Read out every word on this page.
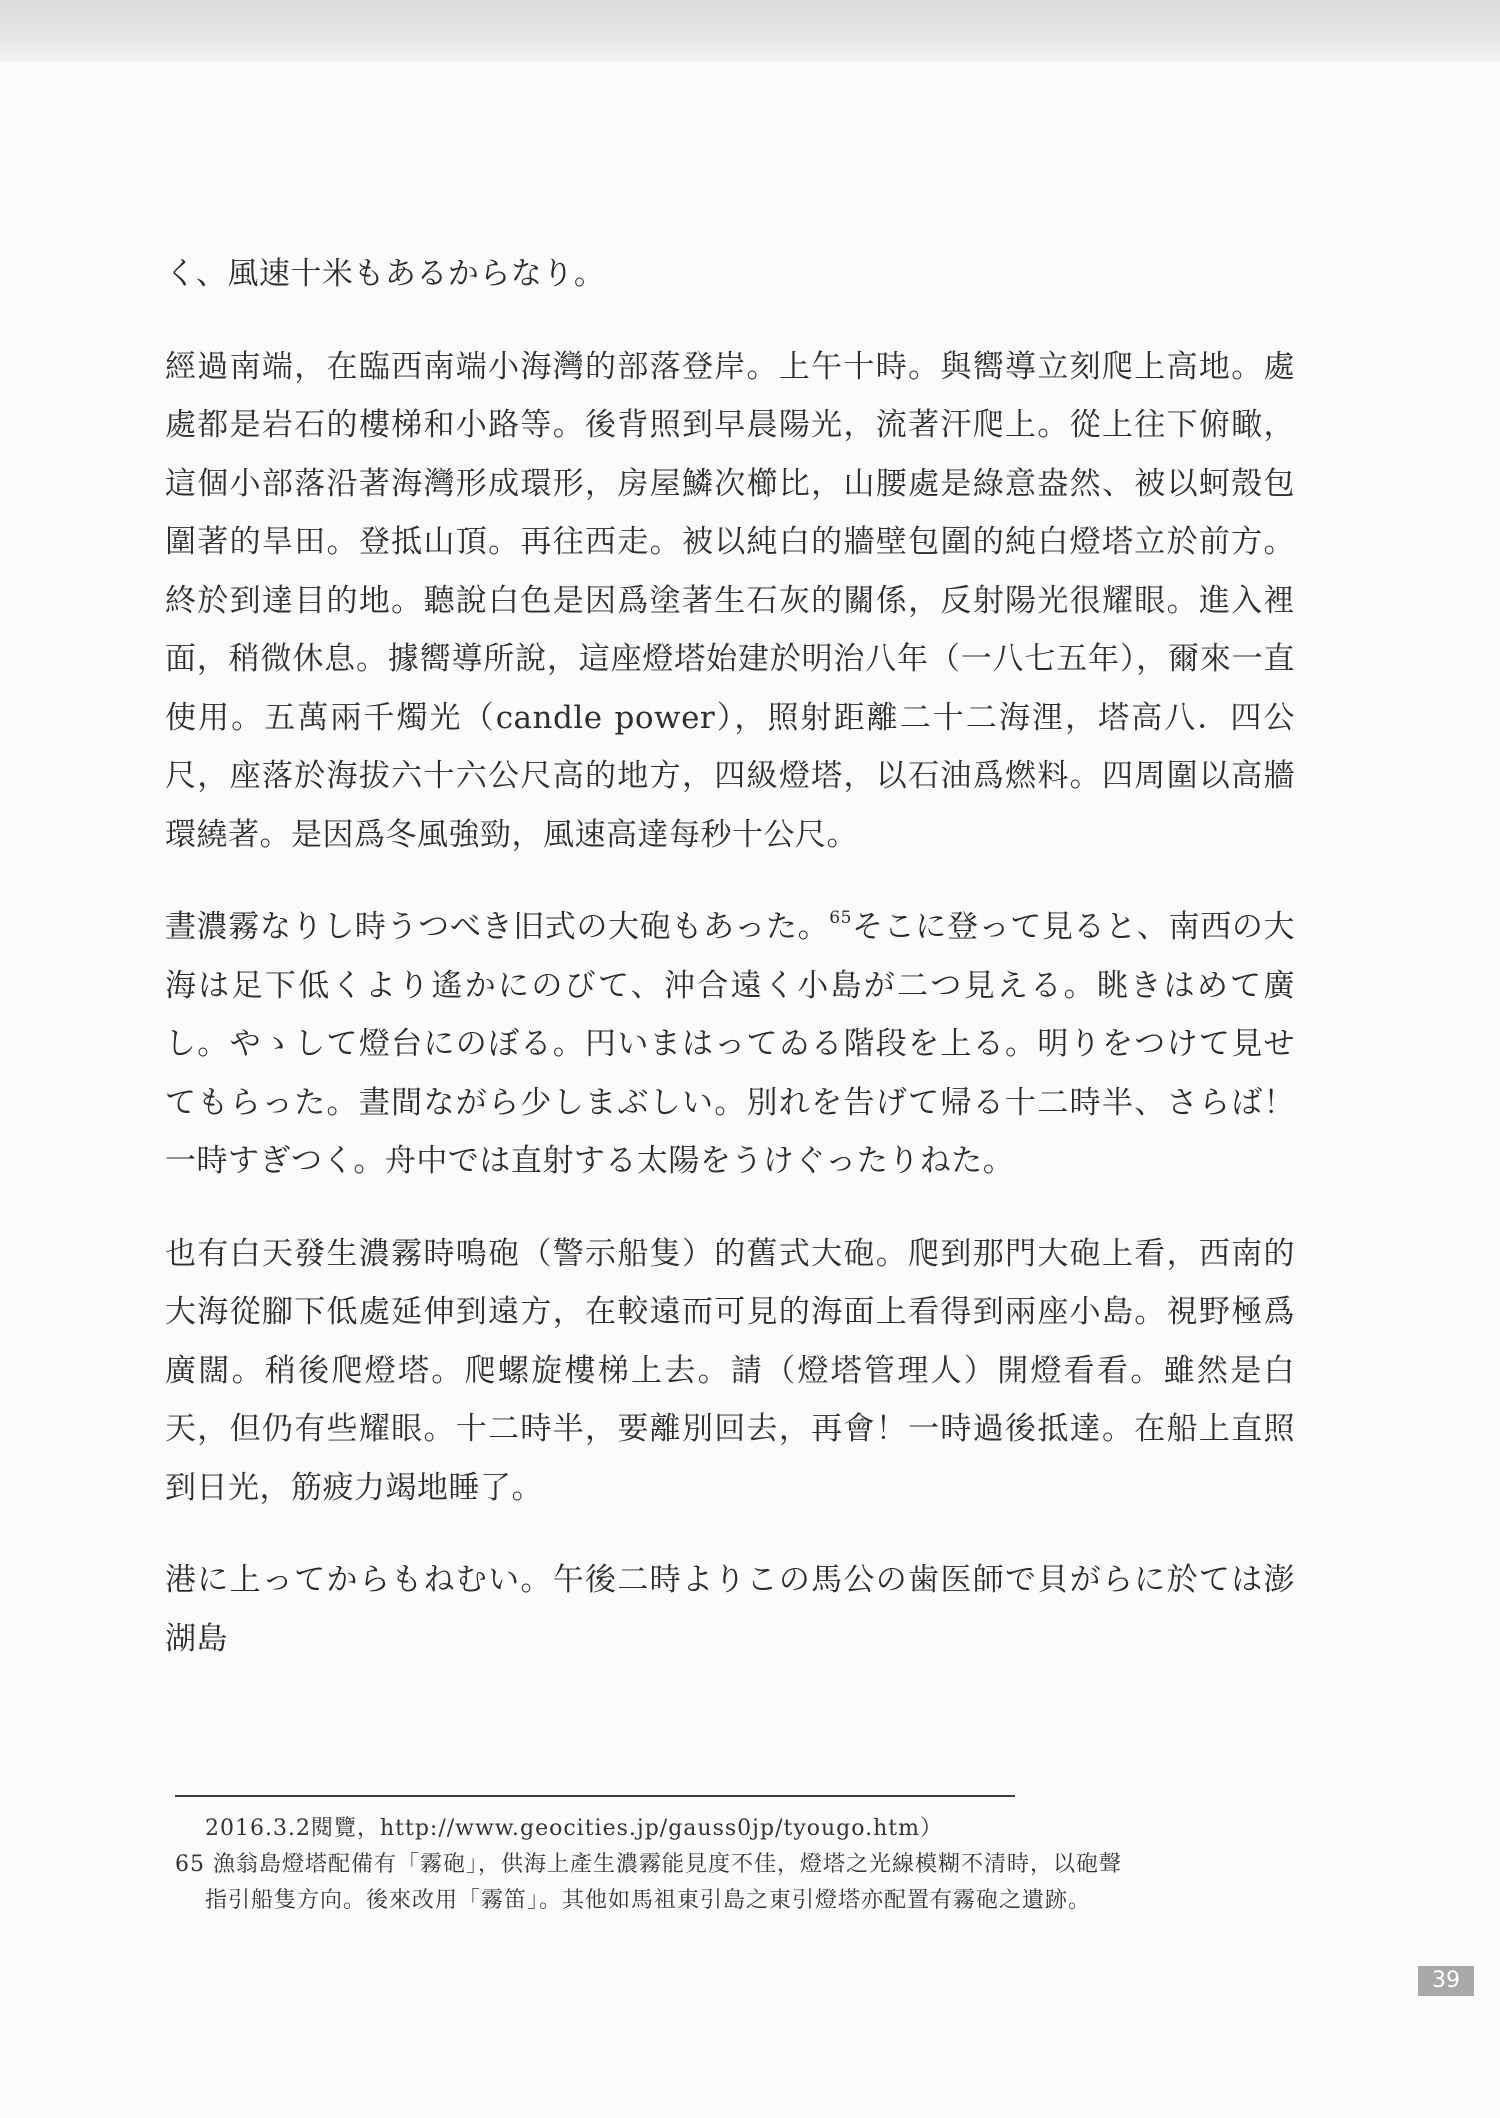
く、風速十米もあるからなり。

經過南端，在臨西南端小海灣的部落登岸。上午十時。與嚮導立刻爬上高地。處處都是岩石的樓梯和小路等。後背照到早晨陽光，流著汗爬上。從上往下俯瞰，這個小部落沿著海灣形成環形，房屋鱗次櫛比，山腰處是綠意盎然、被以蚵殼包圍著的旱田。登抵山頂。再往西走。被以純白的牆壁包圍的純白燈塔立於前方。終於到達目的地。聽說白色是因爲塗著生石灰的關係，反射陽光很耀眼。進入裡面，稍微休息。據嚮導所說，這座燈塔始建於明治八年（一八七五年），爾來一直使用。五萬兩千燭光（candle power），照射距離二十二海浬，塔高八．四公尺，座落於海拔六十六公尺高的地方，四級燈塔，以石油爲燃料。四周圍以高牆環繞著。是因爲冬風強勁，風速高達每秒十公尺。

晝濃霧なりし時うつべき旧式の大砲もあった。$^{65}$そこに登って見ると、南西の大海は足下低くより遙かにのびて、沖合遠く小島が二つ見える。眺きはめて廣し。やゝして燈台にのぼる。円いまはってゐる階段を上る。明りをつけて見せてもらった。晝間ながら少しまぶしい。別れを告げて帰る十二時半、さらば！一時すぎつく。舟中では直射する太陽をうけぐったりねた。

也有白天發生濃霧時鳴砲（警示船隻）的舊式大砲。爬到那門大砲上看，西南的大海從腳下低處延伸到遠方，在較遠而可見的海面上看得到兩座小島。視野極爲廣闊。稍後爬燈塔。爬螺旋樓梯上去。請（燈塔管理人）開燈看看。雖然是白天，但仍有些耀眼。十二時半，要離別回去，再會！一時過後抵達。在船上直照到日光，筋疲力竭地睡了。

港に上ってからもねむい。午後二時よりこの馬公の歯医師で貝がらに於ては澎湖島

2016.3.2閱覽，http://www.geocities.jp/gauss0jp/tyougo.htm）

65 漁翁島燈塔配備有「霧砲」，供海上產生濃霧能見度不佳，燈塔之光線模糊不清時，以砲聲

指引船隻方向。後來改用「霧笛」。其他如馬祖東引島之東引燈塔亦配置有霧砲之遺跡。

39
